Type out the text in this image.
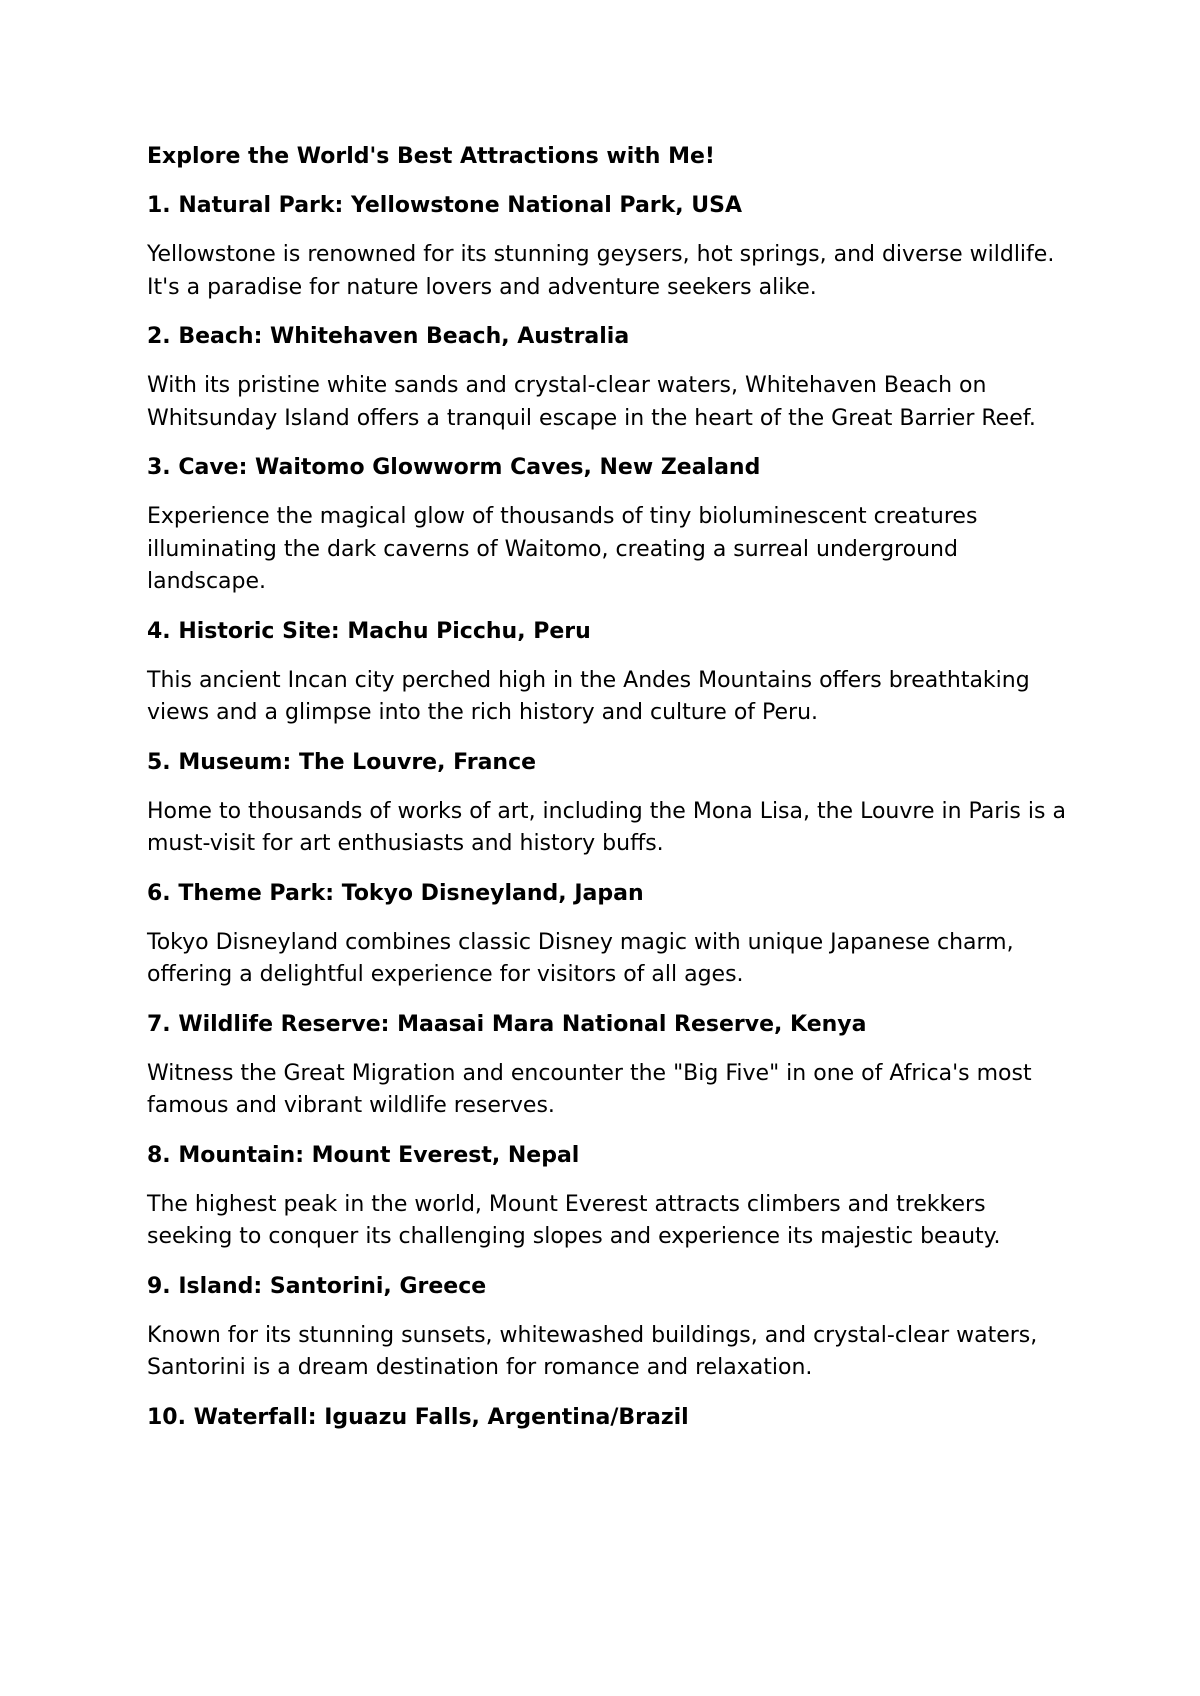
Explore the World's Best Attractions with Me!

1. Natural Park: Yellowstone National Park, USA

Yellowstone is renowned for its stunning geysers, hot springs, and diverse wildlife. It's a paradise for nature lovers and adventure seekers alike.

2. Beach: Whitehaven Beach, Australia

With its pristine white sands and crystal-clear waters, Whitehaven Beach on Whitsunday Island offers a tranquil escape in the heart of the Great Barrier Reef.

3. Cave: Waitomo Glowworm Caves, New Zealand

Experience the magical glow of thousands of tiny bioluminescent creatures illuminating the dark caverns of Waitomo, creating a surreal underground landscape.

4. Historic Site: Machu Picchu, Peru

This ancient Incan city perched high in the Andes Mountains offers breathtaking views and a glimpse into the rich history and culture of Peru.

5. Museum: The Louvre, France

Home to thousands of works of art, including the Mona Lisa, the Louvre in Paris is a must-visit for art enthusiasts and history buffs.

6. Theme Park: Tokyo Disneyland, Japan

Tokyo Disneyland combines classic Disney magic with unique Japanese charm, offering a delightful experience for visitors of all ages.

7. Wildlife Reserve: Maasai Mara National Reserve, Kenya

Witness the Great Migration and encounter the "Big Five" in one of Africa's most famous and vibrant wildlife reserves.

8. Mountain: Mount Everest, Nepal

The highest peak in the world, Mount Everest attracts climbers and trekkers seeking to conquer its challenging slopes and experience its majestic beauty.

9. Island: Santorini, Greece

Known for its stunning sunsets, whitewashed buildings, and crystal-clear waters, Santorini is a dream destination for romance and relaxation.

10. Waterfall: Iguazu Falls, Argentina/Brazil
